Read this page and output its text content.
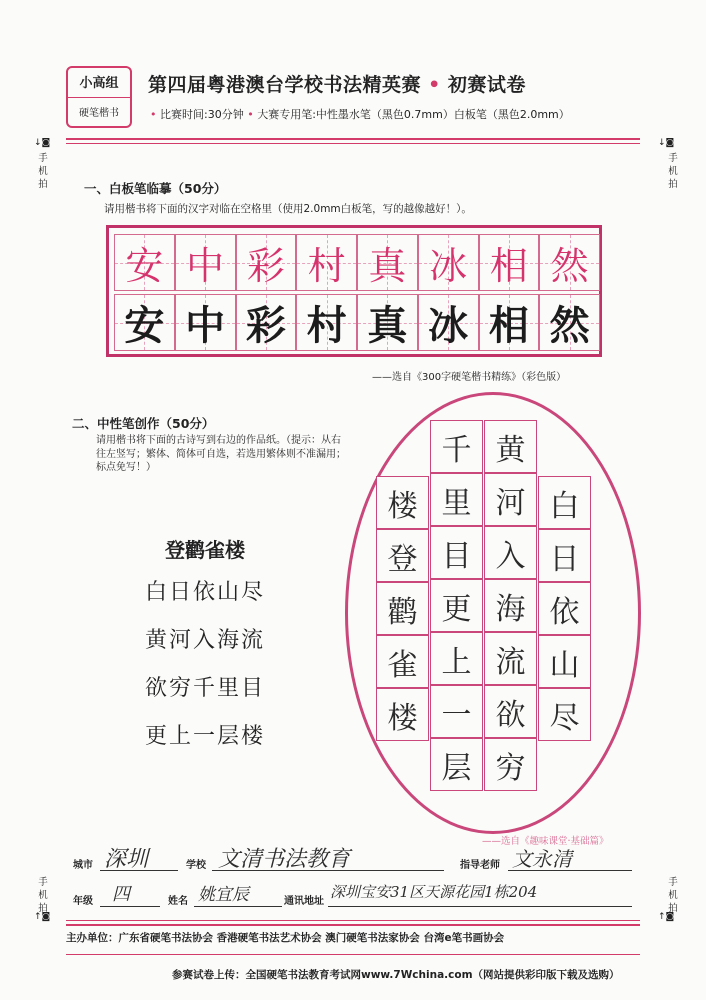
小高组
硬笔楷书
第四届粤港澳台学校书法精英赛 • 初赛试卷
• 比赛时间:30分钟 • 大赛专用笔:中性墨水笔（黑色0.7mm）白板笔（黑色2.0mm）
↓◙
手机拍
↓◙
手机拍
一、白板笔临摹（50分）
请用楷书将下面的汉字对临在空格里（使用2.0mm白板笔，写的越像越好！）。
安 中 彩 村 真 冰 相 然
安 中 彩 村 真 冰 相 然
——选自《300字硬笔楷书精练》（彩色版）
二、中性笔创作（50分）
请用楷书将下面的古诗写到右边的作品纸。（提示：从右往左竖写；繁体、简体可自选，若选用繁体则不准漏用；标点免写！）
登鹳雀楼
白日依山尽
黄河入海流
欲穷千里目
更上一层楼
白
日
依
山
尽
黄
河
入
海
流
欲
穷
千
里
目
更
上
一
层
楼
登
鹳
雀
楼
——选自《趣味课堂·基础篇》
城市 深圳	学校 文清书法教育	指导老师 文永清
年级 四	姓名 姚宜辰	通讯地址
深圳宝安31区天源花园1栋204
手机拍
↑◙
手机拍
↑◙
主办单位：广东省硬笔书法协会 香港硬笔书法艺术协会 澳门硬笔书法家协会 台湾e笔书画协会
参赛试卷上传：全国硬笔书法教育考试网www.7Wchina.com（网站提供彩印版下载及选购）
